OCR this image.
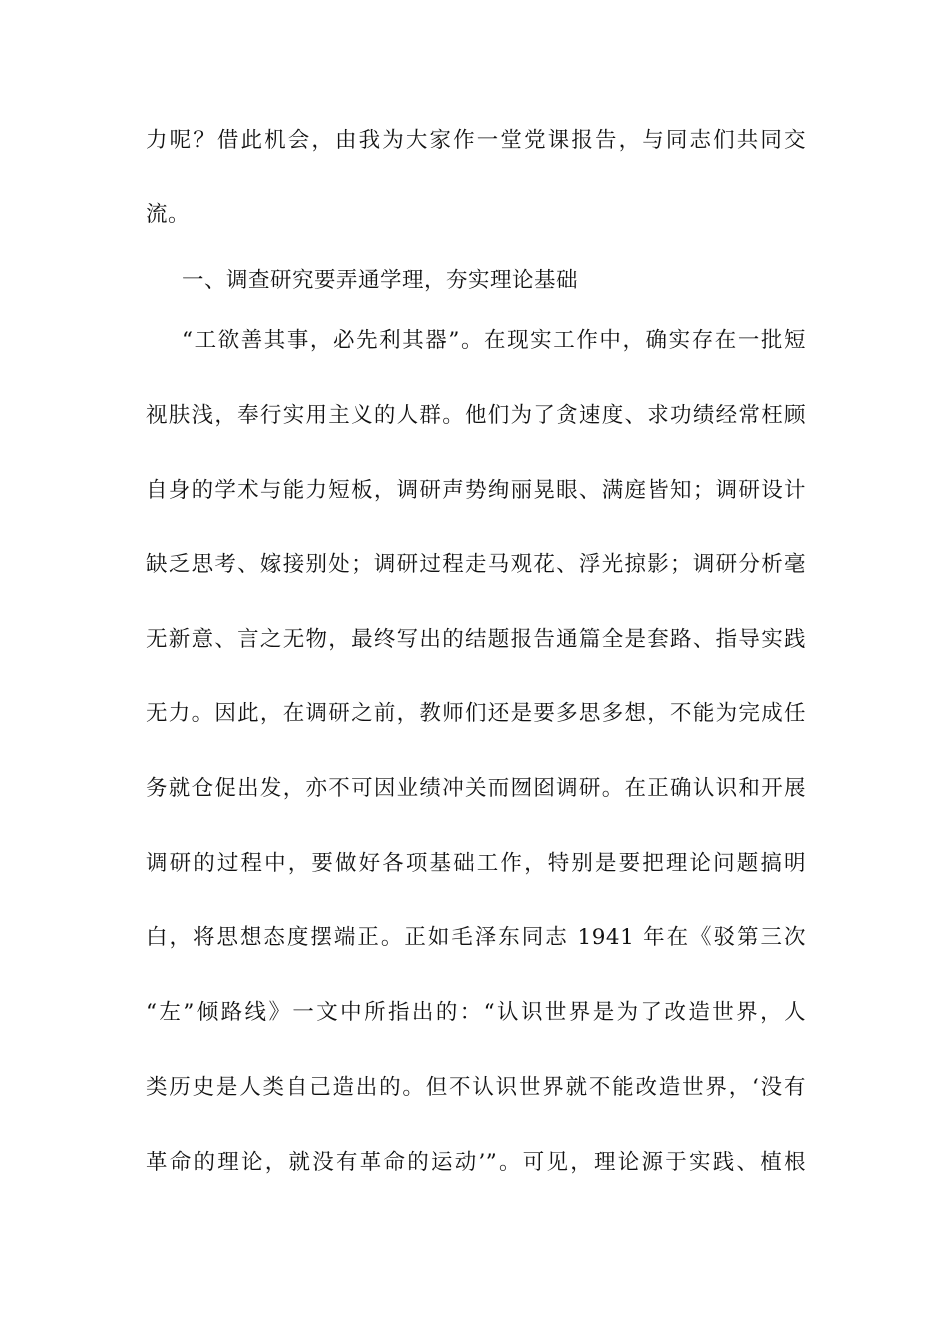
力呢？借此机会，由我为大家作一堂党课报告，与同志们共同交
流。
一、调查研究要弄通学理，夯实理论基础
“工欲善其事，必先利其器”。在现实工作中，确实存在一批短
视肤浅，奉行实用主义的人群。他们为了贪速度、求功绩经常枉顾
自身的学术与能力短板，调研声势绚丽晃眼、满庭皆知；调研设计
缺乏思考、嫁接别处；调研过程走马观花、浮光掠影；调研分析毫
无新意、言之无物，最终写出的结题报告通篇全是套路、指导实践
无力。因此，在调研之前，教师们还是要多思多想，不能为完成任
务就仓促出发，亦不可因业绩冲关而囫囵调研。在正确认识和开展
调研的过程中，要做好各项基础工作，特别是要把理论问题搞明
白，将思想态度摆端正。正如毛泽东同志 1941 年在《驳第三次
“左”倾路线》一文中所指出的：“认识世界是为了改造世界，人
类历史是人类自己造出的。但不认识世界就不能改造世界，‘没有
革命的理论，就没有革命的运动’”。可见，理论源于实践、植根
